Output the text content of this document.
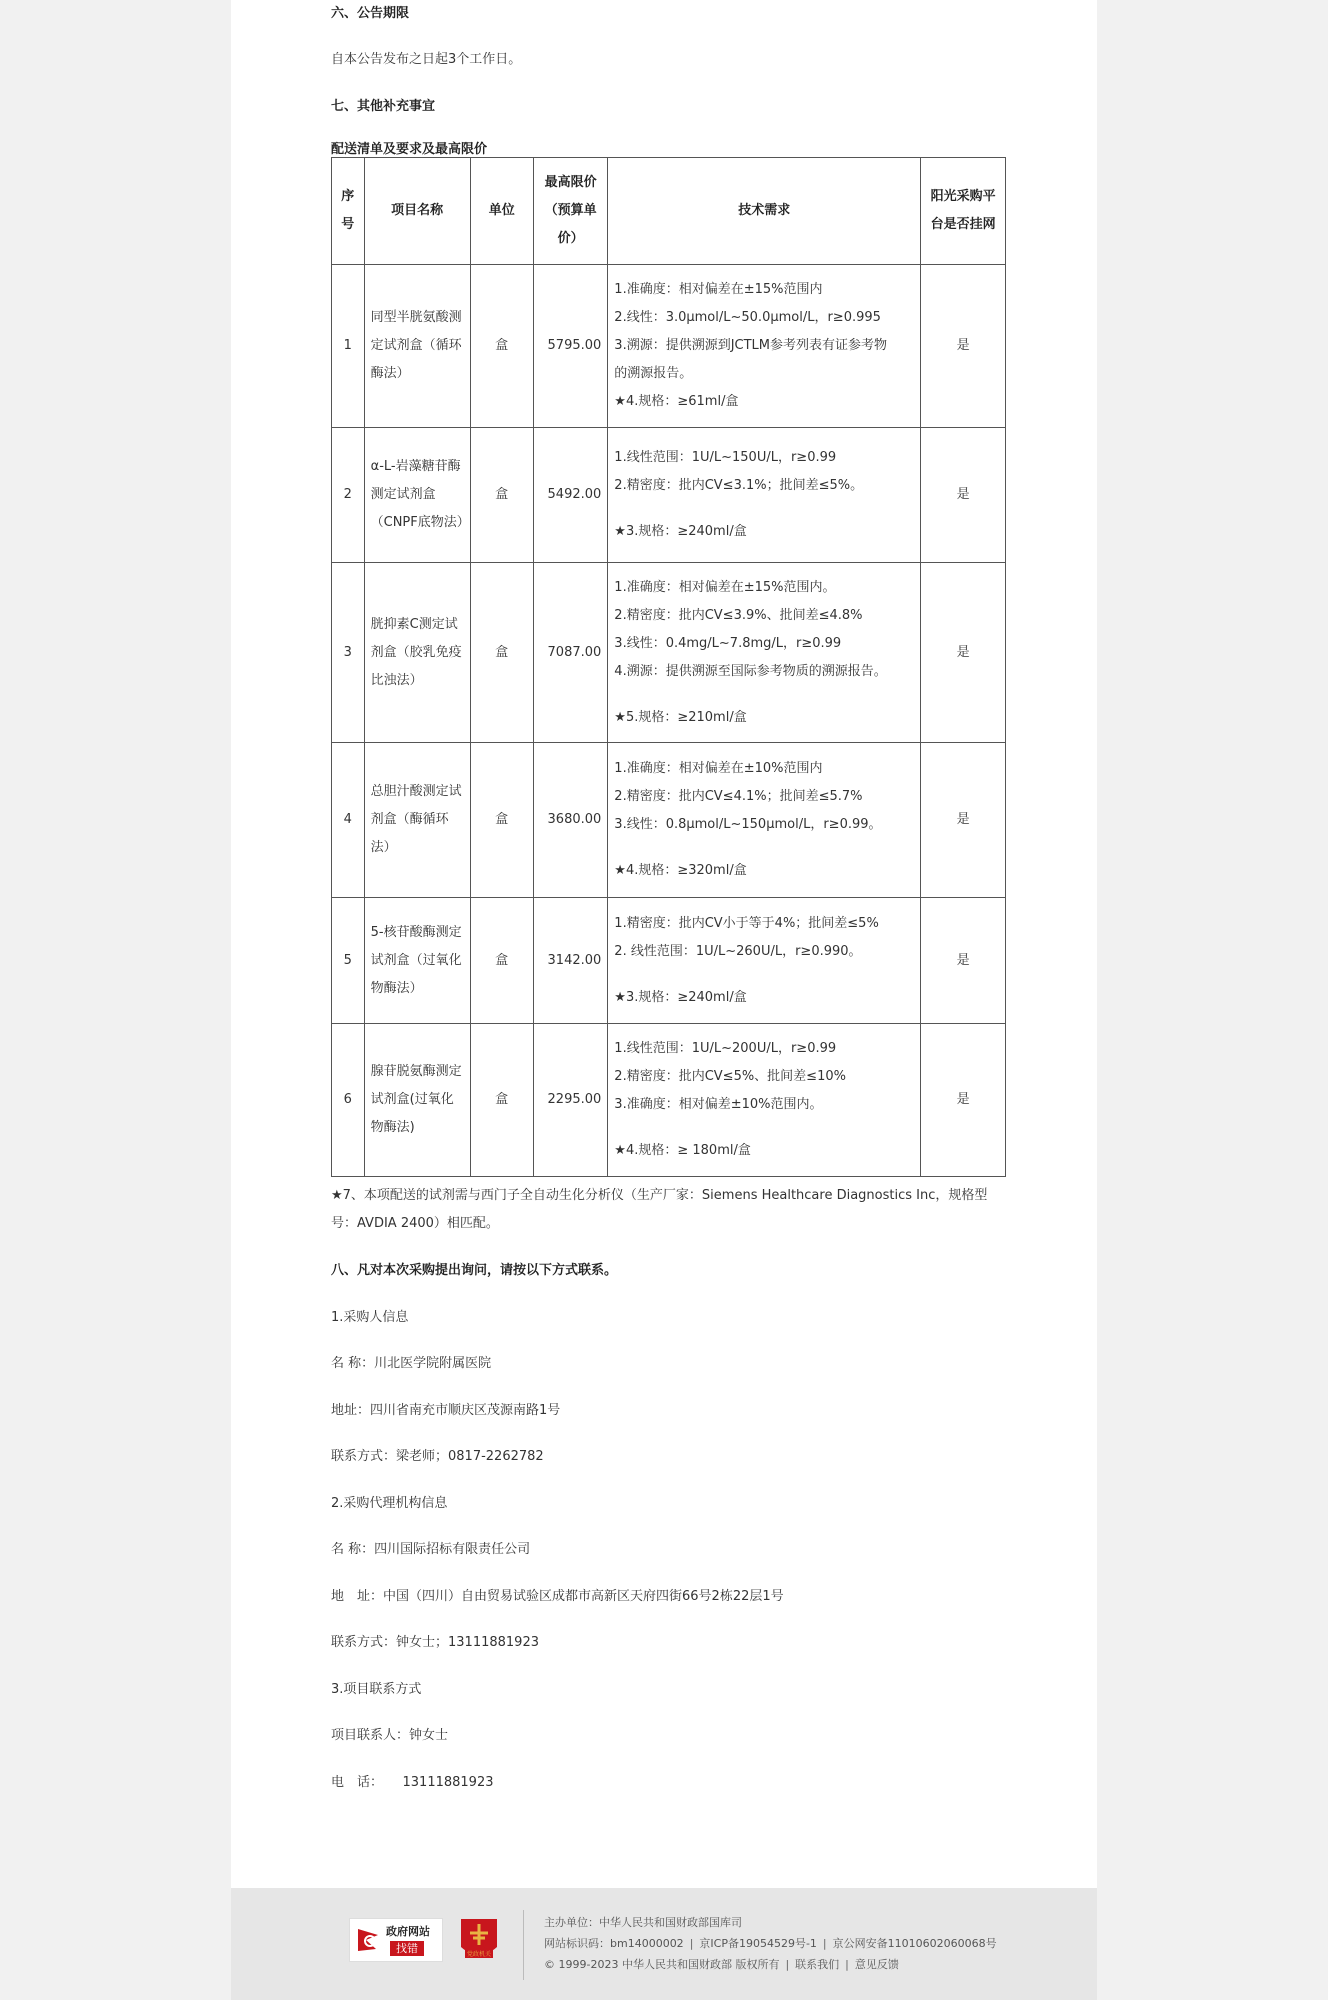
六、公告期限
自本公告发布之日起3个工作日。
七、其他补充事宜
配送清单及要求及最高限价
序号	项目名称	单位	最高限价（预算单价）	技术需求	阳光采购平台是否挂网
1	同型半胱氨酸测定试剂盒（循环酶法）	盒	5795.00	1.准确度：相对偏差在±15%范围内
2.线性：3.0μmol/L~50.0μmol/L，r≥0.995
3.溯源：提供溯源到JCTLM参考列表有证参考物
的溯源报告。
★4.规格：≥61ml/盒	是
2	α-L-岩藻糖苷酶测定试剂盒（CNPF底物法）	盒	5492.00	1.线性范围：1U/L~150U/L，r≥0.99
2.精密度：批内CV≤3.1%；批间差≤5%。
★3.规格：≥240ml/盒	是
3	胱抑素C测定试剂盒（胶乳免疫比浊法）	盒	7087.00	1.准确度：相对偏差在±15%范围内。
2.精密度：批内CV≤3.9%、批间差≤4.8%
3.线性：0.4mg/L~7.8mg/L，r≥0.99
4.溯源：提供溯源至国际参考物质的溯源报告。
★5.规格：≥210ml/盒	是
4	总胆汁酸测定试剂盒（酶循环法）	盒	3680.00	1.准确度：相对偏差在±10%范围内
2.精密度：批内CV≤4.1%；批间差≤5.7%
3.线性：0.8μmol/L~150μmol/L，r≥0.99。
★4.规格：≥320ml/盒	是
5	5-核苷酸酶测定试剂盒（过氧化物酶法）	盒	3142.00	1.精密度：批内CV小于等于4%；批间差≤5%
2. 线性范围：1U/L~260U/L，r≥0.990。
★3.规格：≥240ml/盒	是
6	腺苷脱氨酶测定试剂盒(过氧化物酶法)	盒	2295.00	1.线性范围：1U/L~200U/L，r≥0.99
2.精密度：批内CV≤5%、批间差≤10%
3.准确度：相对偏差±10%范围内。
★4.规格：≥ 180ml/盒	是
★7、本项配送的试剂需与西门子全自动生化分析仪（生产厂家：Siemens Healthcare Diagnostics Inc，规格型号：AVDIA 2400）相匹配。
八、凡对本次采购提出询问，请按以下方式联系。
1.采购人信息
名 称：川北医学院附属医院
地址：四川省南充市顺庆区茂源南路1号
联系方式：梁老师；0817-2262782
2.采购代理机构信息
名 称：四川国际招标有限责任公司
地　址：中国（四川）自由贸易试验区成都市高新区天府四街66号2栋22层1号
联系方式：钟女士；13111881923
3.项目联系方式
项目联系人：钟女士
电　话：　　13111881923
政府网站
找错	党政机关
主办单位：中华人民共和国财政部国库司
网站标识码：bm14000002 | 京ICP备19054529号-1 | 京公网安备11010602060068号
© 1999-2023 中华人民共和国财政部 版权所有 | 联系我们 | 意见反馈
